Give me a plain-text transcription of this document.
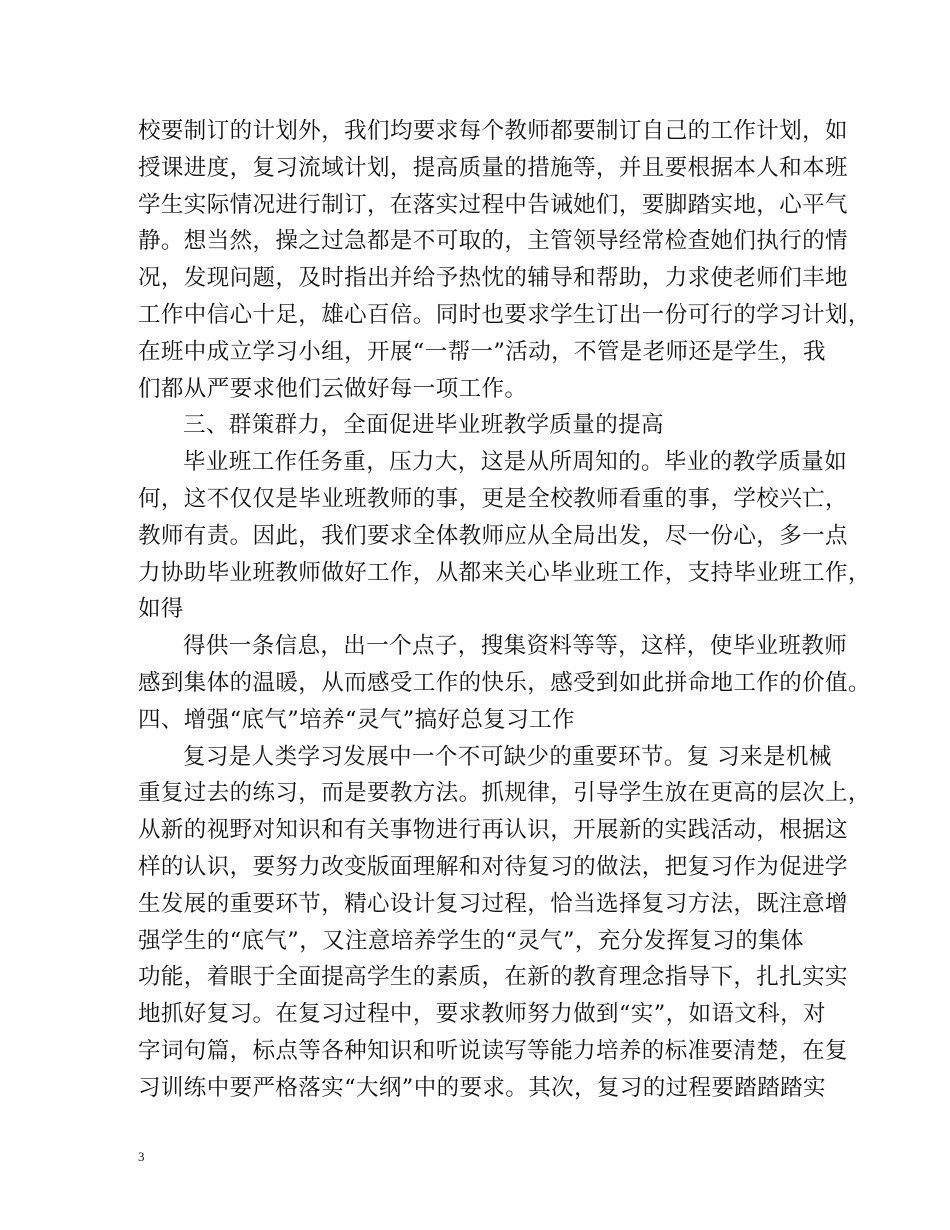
校要制订的计划外，我们均要求每个教师都要制订自己的工作计划，如
授课进度，复习流域计划，提高质量的措施等，并且要根据本人和本班
学生实际情况进行制订，在落实过程中告诫她们，要脚踏实地，心平气
静。想当然，操之过急都是不可取的，主管领导经常检查她们执行的情
况，发现问题，及时指出并给予热忱的辅导和帮助，力求使老师们丰地
工作中信心十足，雄心百倍。同时也要求学生订出一份可行的学习计划，
在班中成立学习小组，开展“一帮一”活动，不管是老师还是学生，我
们都从严要求他们云做好每一项工作。
三、群策群力，全面促进毕业班教学质量的提高
毕业班工作任务重，压力大，这是从所周知的。毕业的教学质量如
何，这不仅仅是毕业班教师的事，更是全校教师看重的事，学校兴亡，
教师有责。因此，我们要求全体教师应从全局出发，尽一份心，多一点
力协助毕业班教师做好工作，从都来关心毕业班工作，支持毕业班工作，
如得
得供一条信息，出一个点子，搜集资料等等，这样，使毕业班教师
感到集体的温暖，从而感受工作的快乐，感受到如此拼命地工作的价值。
四、增强“底气”培养“灵气”搞好总复习工作
复习是人类学习发展中一个不可缺少的重要环节。复 习来是机械
重复过去的练习，而是要教方法。抓规律，引导学生放在更高的层次上，
从新的视野对知识和有关事物进行再认识，开展新的实践活动，根据这
样的认识，要努力改变版面理解和对待复习的做法，把复习作为促进学
生发展的重要环节，精心设计复习过程，恰当选择复习方法，既注意增
强学生的“底气”，又注意培养学生的“灵气”，充分发挥复习的集体
功能，着眼于全面提高学生的素质，在新的教育理念指导下，扎扎实实
地抓好复习。在复习过程中，要求教师努力做到“实”，如语文科，对
字词句篇，标点等各种知识和听说读写等能力培养的标准要清楚，在复
习训练中要严格落实“大纲”中的要求。其次，复习的过程要踏踏踏实
3
